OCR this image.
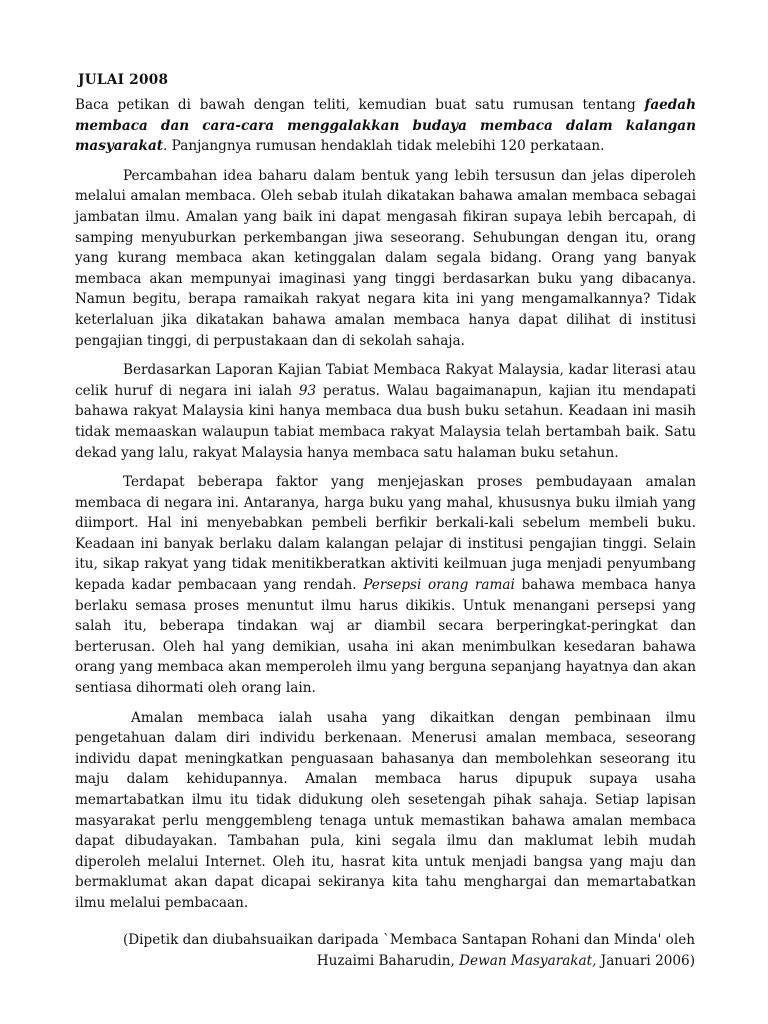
JULAI 2008

Baca petikan di bawah dengan teliti, kemudian buat satu rumusan tentang faedah membaca dan cara-cara menggalakkan budaya membaca dalam kalangan masyarakat. Panjangnya rumusan hendaklah tidak melebihi 120 perkataan.

Percambahan idea baharu dalam bentuk yang lebih tersusun dan jelas diperoleh melalui amalan membaca. Oleh sebab itulah dikatakan bahawa amalan membaca sebagai jambatan ilmu. Amalan yang baik ini dapat mengasah fikiran supaya lebih bercapah, di samping menyuburkan perkembangan jiwa seseorang. Sehubungan dengan itu, orang yang kurang membaca akan ketinggalan dalam segala bidang. Orang yang banyak membaca akan mempunyai imaginasi yang tinggi berdasarkan buku yang dibacanya. Namun begitu, berapa ramaikah rakyat negara kita ini yang mengamalkannya? Tidak keterlaluan jika dikatakan bahawa amalan membaca hanya dapat dilihat di institusi pengajian tinggi, di perpustakaan dan di sekolah sahaja.

Berdasarkan Laporan Kajian Tabiat Membaca Rakyat Malaysia, kadar literasi atau celik huruf di negara ini ialah 93 peratus. Walau bagaimanapun, kajian itu mendapati bahawa rakyat Malaysia kini hanya membaca dua bush buku setahun. Keadaan ini masih tidak memaaskan walaupun tabiat membaca rakyat Malaysia telah bertambah baik. Satu dekad yang lalu, rakyat Malaysia hanya membaca satu halaman buku setahun.

Terdapat beberapa faktor yang menjejaskan proses pembudayaan amalan membaca di negara ini. Antaranya, harga buku yang mahal, khususnya buku ilmiah yang diimport. Hal ini menyebabkan pembeli berfikir berkali-kali sebelum membeli buku. Keadaan ini banyak berlaku dalam kalangan pelajar di institusi pengajian tinggi. Selain itu, sikap rakyat yang tidak menitikberatkan aktiviti keilmuan juga menjadi penyumbang kepada kadar pembacaan yang rendah. Persepsi orang ramai bahawa membaca hanya berlaku semasa proses menuntut ilmu harus dikikis. Untuk menangani persepsi yang salah itu, beberapa tindakan waj ar diambil secara berperingkat-peringkat dan berterusan. Oleh hal yang demikian, usaha ini akan menimbulkan kesedaran bahawa orang yang membaca akan memperoleh ilmu yang berguna sepanjang hayatnya dan akan sentiasa dihormati oleh orang lain.

Amalan membaca ialah usaha yang dikaitkan dengan pembinaan ilmu pengetahuan dalam diri individu berkenaan. Menerusi amalan membaca, seseorang individu dapat meningkatkan penguasaan bahasanya dan membolehkan seseorang itu maju dalam kehidupannya. Amalan membaca harus dipupuk supaya usaha memartabatkan ilmu itu tidak didukung oleh sesetengah pihak sahaja. Setiap lapisan masyarakat perlu menggembleng tenaga untuk memastikan bahawa amalan membaca dapat dibudayakan. Tambahan pula, kini segala ilmu dan maklumat lebih mudah diperoleh melalui Internet. Oleh itu, hasrat kita untuk menjadi bangsa yang maju dan bermaklumat akan dapat dicapai sekiranya kita tahu menghargai dan memartabatkan ilmu melalui pembacaan.

(Dipetik dan diubahsuaikan daripada `Membaca Santapan Rohani dan Minda' oleh Huzaimi Baharudin, Dewan Masyarakat, Januari 2006)
